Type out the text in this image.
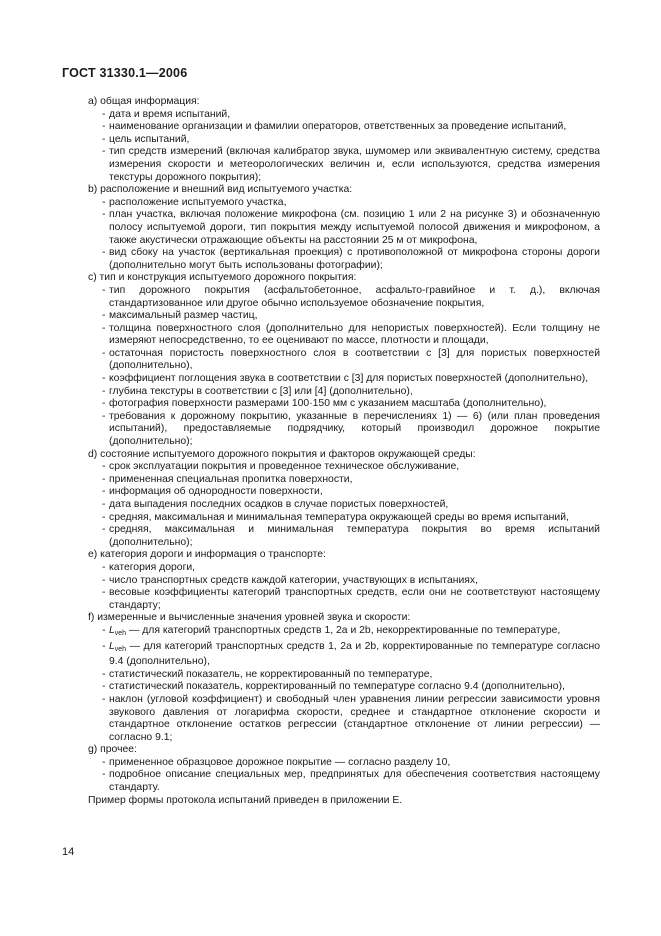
ГОСТ 31330.1—2006
а) общая информация:
- дата и время испытаний,
- наименование организации и фамилии операторов, ответственных за проведение испытаний,
- цель испытаний,
- тип средств измерений (включая калибратор звука, шумомер или эквивалентную систему, средства измерения скорости и метеорологических величин и, если используются, средства измерения текстуры дорожного покрытия);
b) расположение и внешний вид испытуемого участка:
- расположение испытуемого участка,
- план участка, включая положение микрофона (см. позицию 1 или 2 на рисунке 3) и обозначенную полосу испытуемой дороги, тип покрытия между испытуемой полосой движения и микрофоном, а также акустически отражающие объекты на расстоянии 25 м от микрофона,
- вид сбоку на участок (вертикальная проекция) с противоположной от микрофона стороны дороги (дополнительно могут быть использованы фотографии);
с) тип и конструкция испытуемого дорожного покрытия:
- тип дорожного покрытия (асфальтобетонное, асфальто-гравийное и т. д.), включая стандартизованное или другое обычно используемое обозначение покрытия,
- максимальный размер частиц,
- толщина поверхностного слоя (дополнительно для непористых поверхностей). Если толщину не измеряют непосредственно, то ее оценивают по массе, плотности и площади,
- остаточная пористость поверхностного слоя в соответствии с [3] для пористых поверхностей (дополнительно),
- коэффициент поглощения звука в соответствии с [3] для пористых поверхностей (дополнительно),
- глубина текстуры в соответствии с [3] или [4] (дополнительно),
- фотография поверхности размерами 100·150 мм с указанием масштаба (дополнительно),
- требования к дорожному покрытию, указанные в перечислениях 1) — 6) (или план проведения испытаний), предоставляемые подрядчику, который производил дорожное покрытие (дополнительно);
d) состояние испытуемого дорожного покрытия и факторов окружающей среды:
- срок эксплуатации покрытия и проведенное техническое обслуживание,
- примененная специальная пропитка поверхности,
- информация об однородности поверхности,
- дата выпадения последних осадков в случае пористых поверхностей,
- средняя, максимальная и минимальная температура окружающей среды во время испытаний,
- средняя, максимальная и минимальная температура покрытия во время испытаний (дополнительно);
е) категория дороги и информация о транспорте:
- категория дороги,
- число транспортных средств каждой категории, участвующих в испытаниях,
- весовые коэффициенты категорий транспортных средств, если они не соответствуют настоящему стандарту;
f) измеренные и вычисленные значения уровней звука и скорости:
- $L_{veh}$ — для категорий транспортных средств 1, 2а и 2b, некорректированные по температуре,
- $L_{veh}$ — для категорий транспортных средств 1, 2а и 2b, корректированные по температуре согласно 9.4 (дополнительно),
- статистический показатель, не корректированный по температуре,
- статистический показатель, корректированный по температуре согласно 9.4 (дополнительно),
- наклон (угловой коэффициент) и свободный член уравнения линии регрессии зависимости уровня звукового давления от логарифма скорости, среднее и стандартное отклонение скорости и стандартное отклонение остатков регрессии (стандартное отклонение от линии регрессии) — согласно 9.1;
g) прочее:
- примененное образцовое дорожное покрытие — согласно разделу 10,
- подробное описание специальных мер, предпринятых для обеспечения соответствия настоящему стандарту.
Пример формы протокола испытаний приведен в приложении Е.
14
